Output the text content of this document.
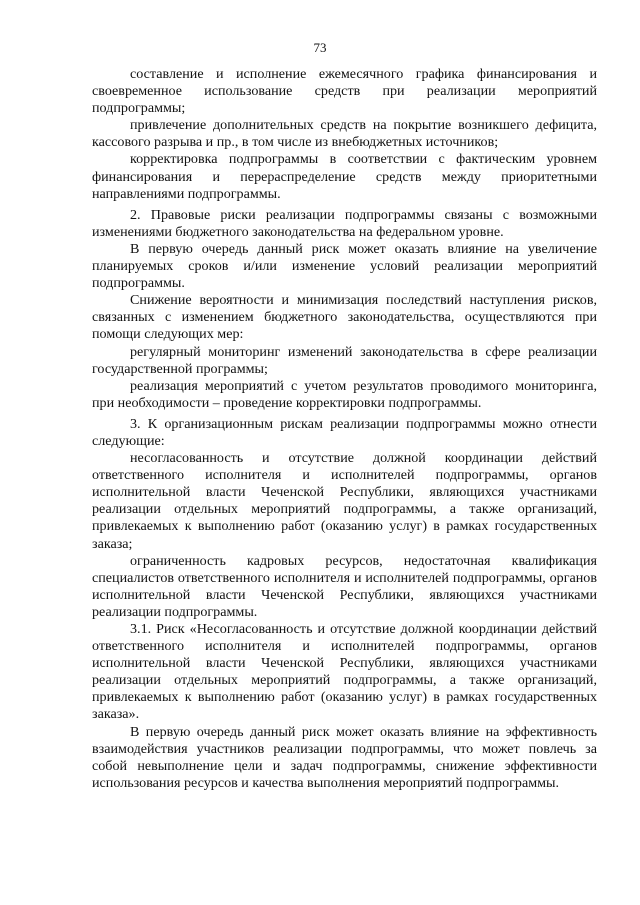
73

составление и исполнение ежемесячного графика финансирования и своевременное использование средств при реализации мероприятий подпрограммы;

привлечение дополнительных средств на покрытие возникшего дефицита, кассового разрыва и пр., в том числе из внебюджетных источников;

корректировка подпрограммы в соответствии с фактическим уровнем финансирования и перераспределение средств между приоритетными направлениями подпрограммы.

2. Правовые риски реализации подпрограммы связаны с возможными изменениями бюджетного законодательства на федеральном уровне.

В первую очередь данный риск может оказать влияние на увеличение планируемых сроков и/или изменение условий реализации мероприятий подпрограммы.

Снижение вероятности и минимизация последствий наступления рисков, связанных с изменением бюджетного законодательства, осуществляются при помощи следующих мер:

регулярный мониторинг изменений законодательства в сфере реализации государственной программы;

реализация мероприятий с учетом результатов проводимого мониторинга, при необходимости – проведение корректировки подпрограммы.

3. К организационным рискам реализации подпрограммы можно отнести следующие:

несогласованность и отсутствие должной координации действий ответственного исполнителя и исполнителей подпрограммы, органов исполнительной власти Чеченской Республики, являющихся участниками реализации отдельных мероприятий подпрограммы, а также организаций, привлекаемых к выполнению работ (оказанию услуг) в рамках государственных заказа;

ограниченность кадровых ресурсов, недостаточная квалификация специалистов ответственного исполнителя и исполнителей подпрограммы, органов исполнительной власти Чеченской Республики, являющихся участниками реализации подпрограммы.

3.1. Риск «Несогласованность и отсутствие должной координации действий ответственного исполнителя и исполнителей подпрограммы, органов исполнительной власти Чеченской Республики, являющихся участниками реализации отдельных мероприятий подпрограммы, а также организаций, привлекаемых к выполнению работ (оказанию услуг) в рамках государственных заказа».

В первую очередь данный риск может оказать влияние на эффективность взаимодействия участников реализации подпрограммы, что может повлечь за собой невыполнение цели и задач подпрограммы, снижение эффективности использования ресурсов и качества выполнения мероприятий подпрограммы.
